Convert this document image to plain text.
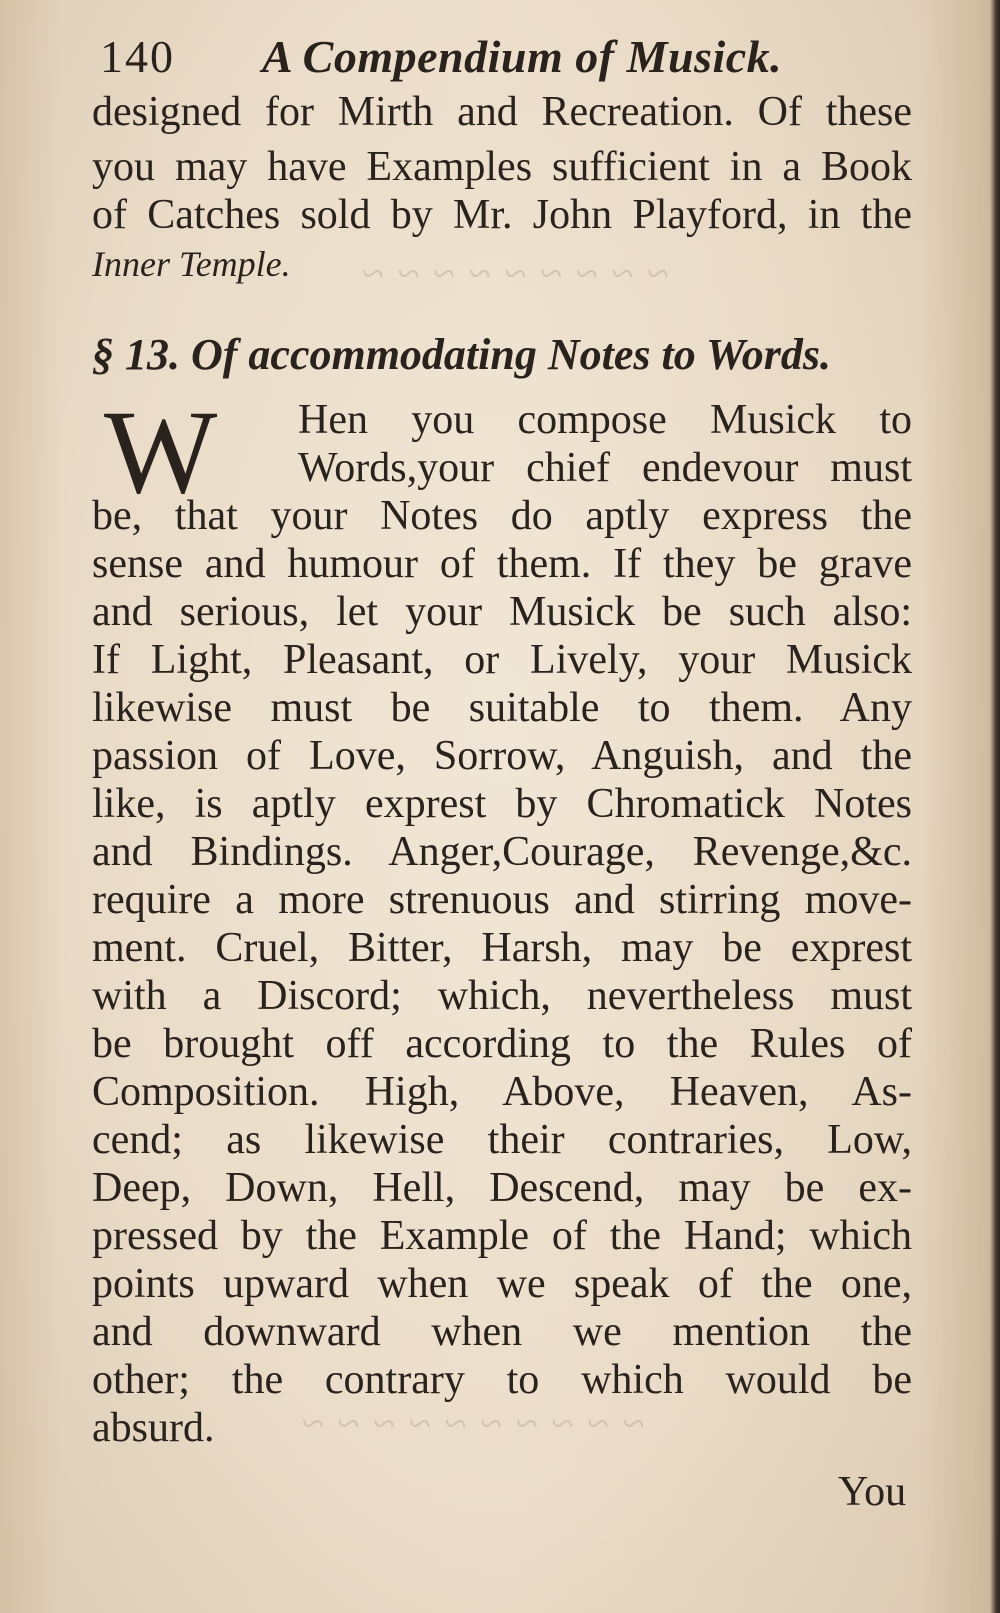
~ ~ ~ ~ ~ ~ ~ ~ ~
~ ~ ~ ~ ~ ~ ~ ~ ~ ~
140 A Compendium of Musick.
designed for Mirth and Recreation. Of these
you may have Examples sufficient in a Book
of Catches sold by Mr. John Playford, in the
Inner Temple.
§ 13. Of accommodating Notes to Words.
W Hen you compose Musick to
Words,your chief endevour must
be, that your Notes do aptly express the
sense and humour of them. If they be grave
and serious, let your Musick be such also:
If Light, Pleasant, or Lively, your Musick
likewise must be suitable to them. Any
passion of Love, Sorrow, Anguish, and the
like, is aptly exprest by Chromatick Notes
and Bindings. Anger,Courage, Revenge,&c.
require a more strenuous and stirring move-
ment. Cruel, Bitter, Harsh, may be exprest
with a Discord; which, nevertheless must
be brought off according to the Rules of
Composition. High, Above, Heaven, As-
cend; as likewise their contraries, Low,
Deep, Down, Hell, Descend, may be ex-
pressed by the Example of the Hand; which
points upward when we speak of the one,
and downward when we mention the
other; the contrary to which would be
absurd.
You
